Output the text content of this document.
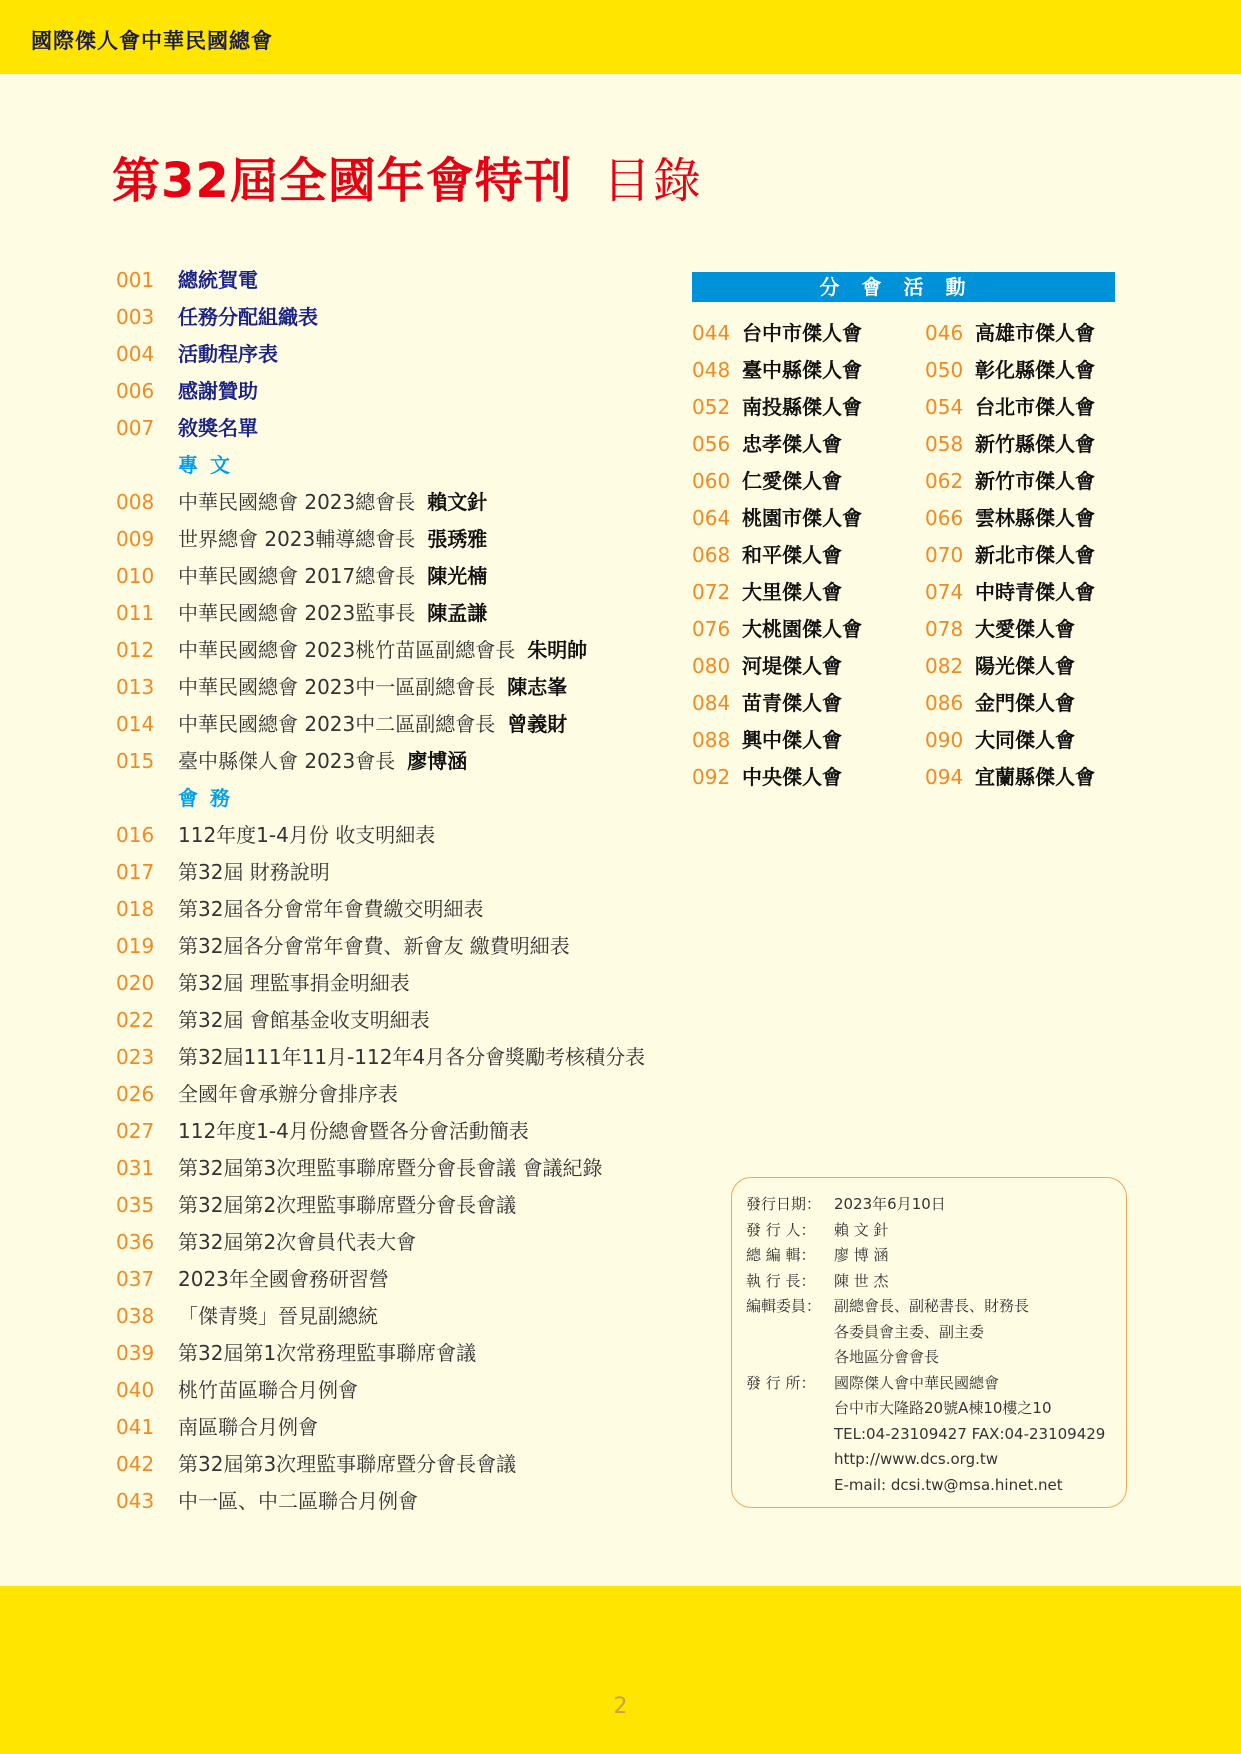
國際傑人會中華民國總會
第32屆全國年會特刊 目錄
001 總統賀電
003 任務分配組織表
004 活動程序表
006 感謝贊助
007 敘獎名單
專文
008 中華民國總會 2023總會長 賴文針
009 世界總會 2023輔導總會長 張琇雅
010 中華民國總會 2017總會長 陳光楠
011 中華民國總會 2023監事長 陳孟謙
012 中華民國總會 2023桃竹苗區副總會長 朱明帥
013 中華民國總會 2023中一區副總會長 陳志峯
014 中華民國總會 2023中二區副總會長 曾義財
015 臺中縣傑人會 2023會長 廖博涵
會務
016 112年度1-4月份 收支明細表
017 第32屆 財務說明
018 第32屆各分會常年會費繳交明細表
019 第32屆各分會常年會費、新會友 繳費明細表
020 第32屆 理監事捐金明細表
022 第32屆 會館基金收支明細表
023 第32屆111年11月-112年4月各分會獎勵考核積分表
026 全國年會承辦分會排序表
027 112年度1-4月份總會暨各分會活動簡表
031 第32屆第3次理監事聯席暨分會長會議 會議紀錄
035 第32屆第2次理監事聯席暨分會長會議
036 第32屆第2次會員代表大會
037 2023年全國會務研習營
038 「傑青獎」晉見副總統
039 第32屆第1次常務理監事聯席會議
040 桃竹苗區聯合月例會
041 南區聯合月例會
042 第32屆第3次理監事聯席暨分會長會議
043 中一區、中二區聯合月例會
分會活動
044 台中市傑人會
048 臺中縣傑人會
052 南投縣傑人會
056 忠孝傑人會
060 仁愛傑人會
064 桃園市傑人會
068 和平傑人會
072 大里傑人會
076 大桃園傑人會
080 河堤傑人會
084 苗青傑人會
088 興中傑人會
092 中央傑人會
046 高雄市傑人會
050 彰化縣傑人會
054 台北市傑人會
058 新竹縣傑人會
062 新竹市傑人會
066 雲林縣傑人會
070 新北市傑人會
074 中時青傑人會
078 大愛傑人會
082 陽光傑人會
086 金門傑人會
090 大同傑人會
094 宜蘭縣傑人會
發行日期： 2023年6月10日
發 行 人： 賴 文 針
總 編 輯： 廖 博 涵
執 行 長： 陳 世 杰
編輯委員： 副總會長、副秘書長、財務長
各委員會主委、副主委
各地區分會會長
發 行 所： 國際傑人會中華民國總會
台中市大隆路20號A棟10樓之10
TEL:04-23109427 FAX:04-23109429
http://www.dcs.org.tw
E-mail: dcsi.tw@msa.hinet.net
2
